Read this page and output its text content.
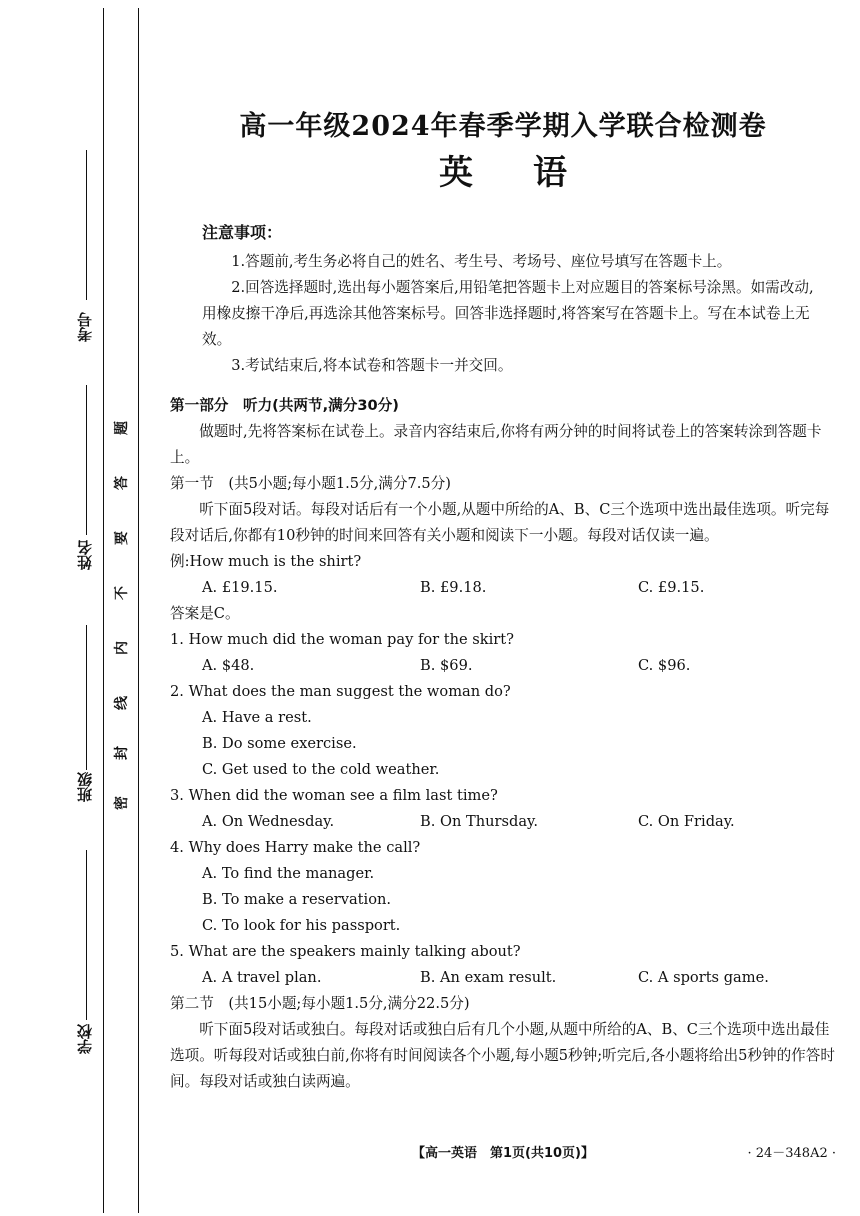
考号
姓名
班级
学校
密
封
线
内
不
要
答
题
高一年级2024年春季学期入学联合检测卷
英语
注意事项：

1.答题前,考生务必将自己的姓名、考生号、考场号、座位号填写在答题卡上。

2.回答选择题时,选出每小题答案后,用铅笔把答题卡上对应题目的答案标号涂黑。如需改动,用橡皮擦干净后,再选涂其他答案标号。回答非选择题时,将答案写在答题卡上。写在本试卷上无效。

3.考试结束后,将本试卷和答题卡一并交回。

第一部分　听力(共两节,满分30分)

做题时,先将答案标在试卷上。录音内容结束后,你将有两分钟的时间将试卷上的答案转涂到答题卡上。

第一节　(共5小题;每小题1.5分,满分7.5分)

听下面5段对话。每段对话后有一个小题,从题中所给的A、B、C三个选项中选出最佳选项。听完每段对话后,你都有10秒钟的时间来回答有关小题和阅读下一小题。每段对话仅读一遍。

例:How much is the shirt?

A. £19.15.	B. £9.18.	C. £9.15.

答案是C。

1. How much did the woman pay for the skirt?

A. $48.	B. $69.	C. $96.

2. What does the man suggest the woman do?

A. Have a rest.
B. Do some exercise.
C. Get used to the cold weather.

3. When did the woman see a film last time?

A. On Wednesday.	B. On Thursday.	C. On Friday.

4. Why does Harry make the call?

A. To find the manager.
B. To make a reservation.
C. To look for his passport.

5. What are the speakers mainly talking about?

A. A travel plan.	B. An exam result.	C. A sports game.

第二节　(共15小题;每小题1.5分,满分22.5分)

听下面5段对话或独白。每段对话或独白后有几个小题,从题中所给的A、B、C三个选项中选出最佳选项。听每段对话或独白前,你将有时间阅读各个小题,每小题5秒钟;听完后,各小题将给出5秒钟的作答时间。每段对话或独白读两遍。

【高一英语　第1页(共10页)】	· 24－348A2 ·
